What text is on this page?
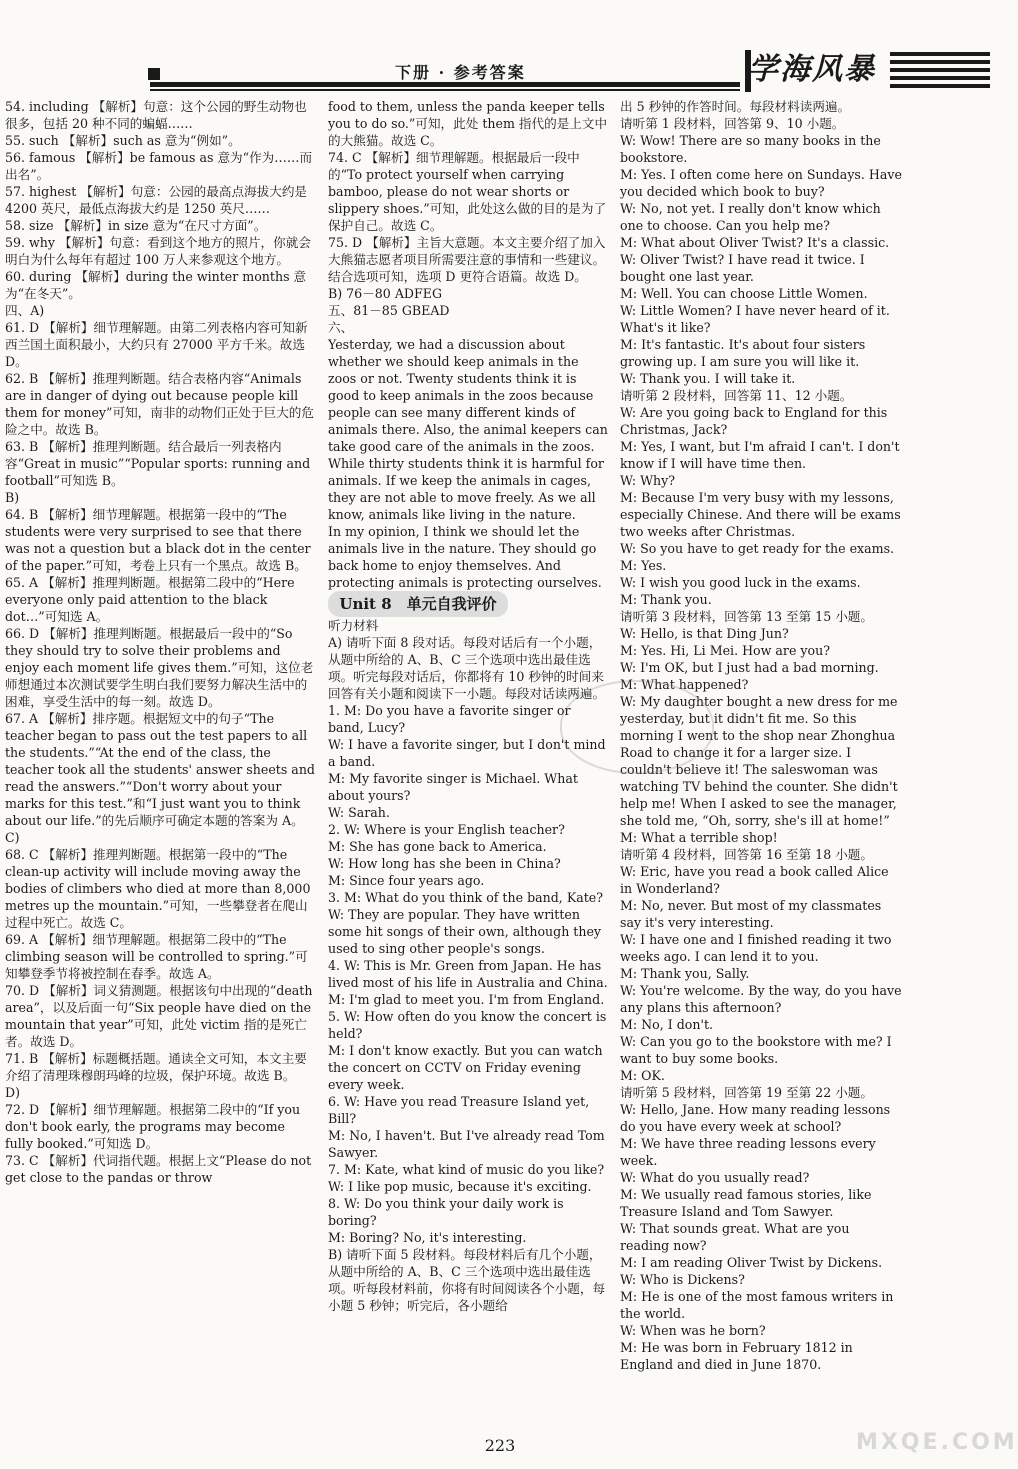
下册 · 参考答案	学海风暴

54. including 【解析】句意：这个公园的野生动物也很多，包括 20 种不同的蝙蝠……

55. such 【解析】such as 意为“例如”。

56. famous 【解析】be famous as 意为“作为……而出名”。

57. highest 【解析】句意：公园的最高点海拔大约是 4200 英尺，最低点海拔大约是 1250 英尺……

58. size 【解析】in size 意为“在尺寸方面”。

59. why 【解析】句意：看到这个地方的照片，你就会明白为什么每年有超过 100 万人来参观这个地方。

60. during 【解析】during the winter months 意为“在冬天”。

四、A)

61. D 【解析】细节理解题。由第二列表格内容可知新西兰国土面积最小，大约只有 27000 平方千米。故选 D。

62. B 【解析】推理判断题。结合表格内容“Animals are in danger of dying out because people kill them for money”可知，南非的动物们正处于巨大的危险之中。故选 B。

63. B 【解析】推理判断题。结合最后一列表格内容“Great in music”“Popular sports: running and football”可知选 B。

B)

64. B 【解析】细节理解题。根据第一段中的“The students were very surprised to see that there was not a question but a black dot in the center of the paper.”可知，考卷上只有一个黑点。故选 B。

65. A 【解析】推理判断题。根据第二段中的“Here everyone only paid attention to the black dot…”可知选 A。

66. D 【解析】推理判断题。根据最后一段中的“So they should try to solve their problems and enjoy each moment life gives them.”可知，这位老师想通过本次测试要学生明白我们要努力解决生活中的困难，享受生活中的每一刻。故选 D。

67. A 【解析】排序题。根据短文中的句子“The teacher began to pass out the test papers to all the students.”“At the end of the class, the teacher took all the students' answer sheets and read the answers.”“Don't worry about your marks for this test.”和“I just want you to think about our life.”的先后顺序可确定本题的答案为 A。

C)

68. C 【解析】推理判断题。根据第一段中的“The clean-up activity will include moving away the bodies of climbers who died at more than 8,000 metres up the mountain.”可知，一些攀登者在爬山过程中死亡。故选 C。

69. A 【解析】细节理解题。根据第二段中的“The climbing season will be controlled to spring.”可知攀登季节将被控制在春季。故选 A。

70. D 【解析】词义猜测题。根据该句中出现的“death area”，以及后面一句“Six people have died on the mountain that year”可知，此处 victim 指的是死亡者。故选 D。

71. B 【解析】标题概括题。通读全文可知，本文主要介绍了清理珠穆朗玛峰的垃圾，保护环境。故选 B。

D)

72. D 【解析】细节理解题。根据第二段中的“If you don't book early, the programs may become fully booked.”可知选 D。

73. C 【解析】代词指代题。根据上文“Please do not get close to the pandas or throw

food to them, unless the panda keeper tells you to do so.”可知，此处 them 指代的是上文中的大熊猫。故选 C。

74. C 【解析】细节理解题。根据最后一段中的“To protect yourself when carrying bamboo, please do not wear shorts or slippery shoes.”可知，此处这么做的目的是为了保护自己。故选 C。

75. D 【解析】主旨大意题。本文主要介绍了加入大熊猫志愿者项目所需要注意的事情和一些建议。结合选项可知，选项 D 更符合语篇。故选 D。

B) 76－80 ADFEG

五、81－85 GBEAD

六、

Yesterday, we had a discussion about whether we should keep animals in the zoos or not. Twenty students think it is good to keep animals in the zoos because people can see many different kinds of animals there. Also, the animal keepers can take good care of the animals in the zoos. While thirty students think it is harmful for animals. If we keep the animals in cages, they are not able to move freely. As we all know, animals like living in the nature.

In my opinion, I think we should let the animals live in the nature. They should go back home to enjoy themselves. And protecting animals is protecting ourselves.

Unit 8　单元自我评价

听力材料

A) 请听下面 8 段对话。每段对话后有一个小题，从题中所给的 A、B、C 三个选项中选出最佳选项。听完每段对话后，你都将有 10 秒钟的时间来回答有关小题和阅读下一小题。每段对话读两遍。

1. M: Do you have a favorite singer or band, Lucy?

W: I have a favorite singer, but I don't mind a band.

M: My favorite singer is Michael. What about yours?

W: Sarah.

2. W: Where is your English teacher?

M: She has gone back to America.

W: How long has she been in China?

M: Since four years ago.

3. M: What do you think of the band, Kate?

W: They are popular. They have written some hit songs of their own, although they used to sing other people's songs.

4. W: This is Mr. Green from Japan. He has lived most of his life in Australia and China.

M: I'm glad to meet you. I'm from England.

5. W: How often do you know the concert is held?

M: I don't know exactly. But you can watch the concert on CCTV on Friday evening every week.

6. W: Have you read Treasure Island yet, Bill?

M: No, I haven't. But I've already read Tom Sawyer.

7. M: Kate, what kind of music do you like?

W: I like pop music, because it's exciting.

8. W: Do you think your daily work is boring?

M: Boring? No, it's interesting.

B) 请听下面 5 段材料。每段材料后有几个小题，从题中所给的 A、B、C 三个选项中选出最佳选项。听每段材料前，你将有时间阅读各个小题，每小题 5 秒钟；听完后，各小题给

出 5 秒钟的作答时间。每段材料读两遍。

请听第 1 段材料，回答第 9、10 小题。

W: Wow! There are so many books in the bookstore.

M: Yes. I often come here on Sundays. Have you decided which book to buy?

W: No, not yet. I really don't know which one to choose. Can you help me?

M: What about Oliver Twist? It's a classic.

W: Oliver Twist? I have read it twice. I bought one last year.

M: Well. You can choose Little Women.

W: Little Women? I have never heard of it. What's it like?

M: It's fantastic. It's about four sisters growing up. I am sure you will like it.

W: Thank you. I will take it.

请听第 2 段材料，回答第 11、12 小题。

W: Are you going back to England for this Christmas, Jack?

M: Yes, I want, but I'm afraid I can't. I don't know if I will have time then.

W: Why?

M: Because I'm very busy with my lessons, especially Chinese. And there will be exams two weeks after Christmas.

W: So you have to get ready for the exams.

M: Yes.

W: I wish you good luck in the exams.

M: Thank you.

请听第 3 段材料，回答第 13 至第 15 小题。

W: Hello, is that Ding Jun?

M: Yes. Hi, Li Mei. How are you?

W: I'm OK, but I just had a bad morning.

M: What happened?

W: My daughter bought a new dress for me yesterday, but it didn't fit me. So this morning I went to the shop near Zhonghua Road to change it for a larger size. I couldn't believe it! The saleswoman was watching TV behind the counter. She didn't help me! When I asked to see the manager, she told me, “Oh, sorry, she's ill at home!”

M: What a terrible shop!

请听第 4 段材料，回答第 16 至第 18 小题。

W: Eric, have you read a book called Alice in Wonderland?

M: No, never. But most of my classmates say it's very interesting.

W: I have one and I finished reading it two weeks ago. I can lend it to you.

M: Thank you, Sally.

W: You're welcome. By the way, do you have any plans this afternoon?

M: No, I don't.

W: Can you go to the bookstore with me? I want to buy some books.

M: OK.

请听第 5 段材料，回答第 19 至第 22 小题。

W: Hello, Jane. How many reading lessons do you have every week at school?

M: We have three reading lessons every week.

W: What do you usually read?

M: We usually read famous stories, like Treasure Island and Tom Sawyer.

W: That sounds great. What are you reading now?

M: I am reading Oliver Twist by Dickens.

W: Who is Dickens?

M: He is one of the most famous writers in the world.

W: When was he born?

M: He was born in February 1812 in England and died in June 1870.

223	MXQE.COM
